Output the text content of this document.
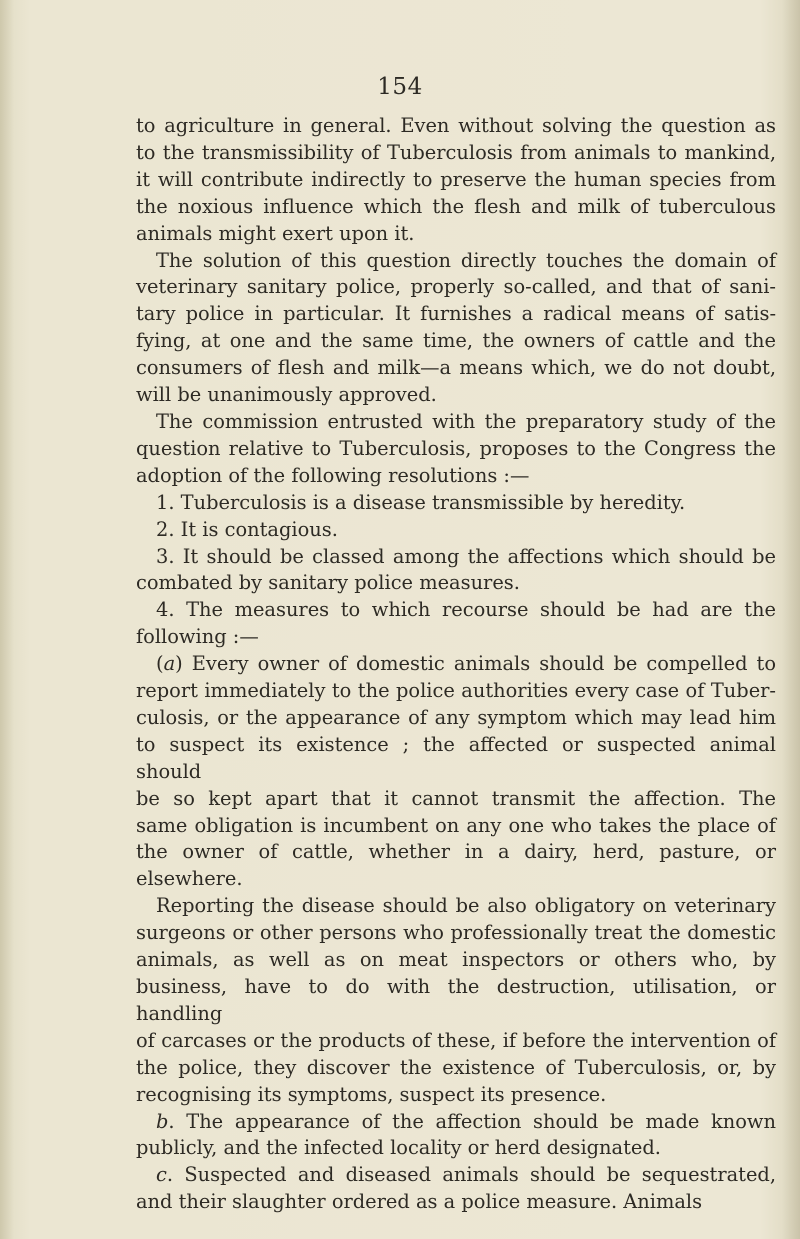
154

to agriculture in general. Even without solving the question as
to the transmissibility of Tuberculosis from animals to mankind,
it will contribute indirectly to preserve the human species from
the noxious influence which the flesh and milk of tuberculous
animals might exert upon it.

The solution of this question directly touches the domain of
veterinary sanitary police, properly so-called, and that of sani-
tary police in particular. It furnishes a radical means of satis-
fying, at one and the same time, the owners of cattle and the
consumers of flesh and milk—a means which, we do not doubt,
will be unanimously approved.

The commission entrusted with the preparatory study of the
question relative to Tuberculosis, proposes to the Congress the
adoption of the following resolutions :—

1. Tuberculosis is a disease transmissible by heredity.

2. It is contagious.

3. It should be classed among the affections which should be
combated by sanitary police measures.

4. The measures to which recourse should be had are the
following :—

(a) Every owner of domestic animals should be compelled to
report immediately to the police authorities every case of Tuber-
culosis, or the appearance of any symptom which may lead him
to suspect its existence ; the affected or suspected animal should
be so kept apart that it cannot transmit the affection. The
same obligation is incumbent on any one who takes the place of
the owner of cattle, whether in a dairy, herd, pasture, or elsewhere.

Reporting the disease should be also obligatory on veterinary
surgeons or other persons who professionally treat the domestic
animals, as well as on meat inspectors or others who, by
business, have to do with the destruction, utilisation, or handling
of carcases or the products of these, if before the intervention of
the police, they discover the existence of Tuberculosis, or, by
recognising its symptoms, suspect its presence.

b. The appearance of the affection should be made known
publicly, and the infected locality or herd designated.

c. Suspected and diseased animals should be sequestrated,
and their slaughter ordered as a police measure. Animals
